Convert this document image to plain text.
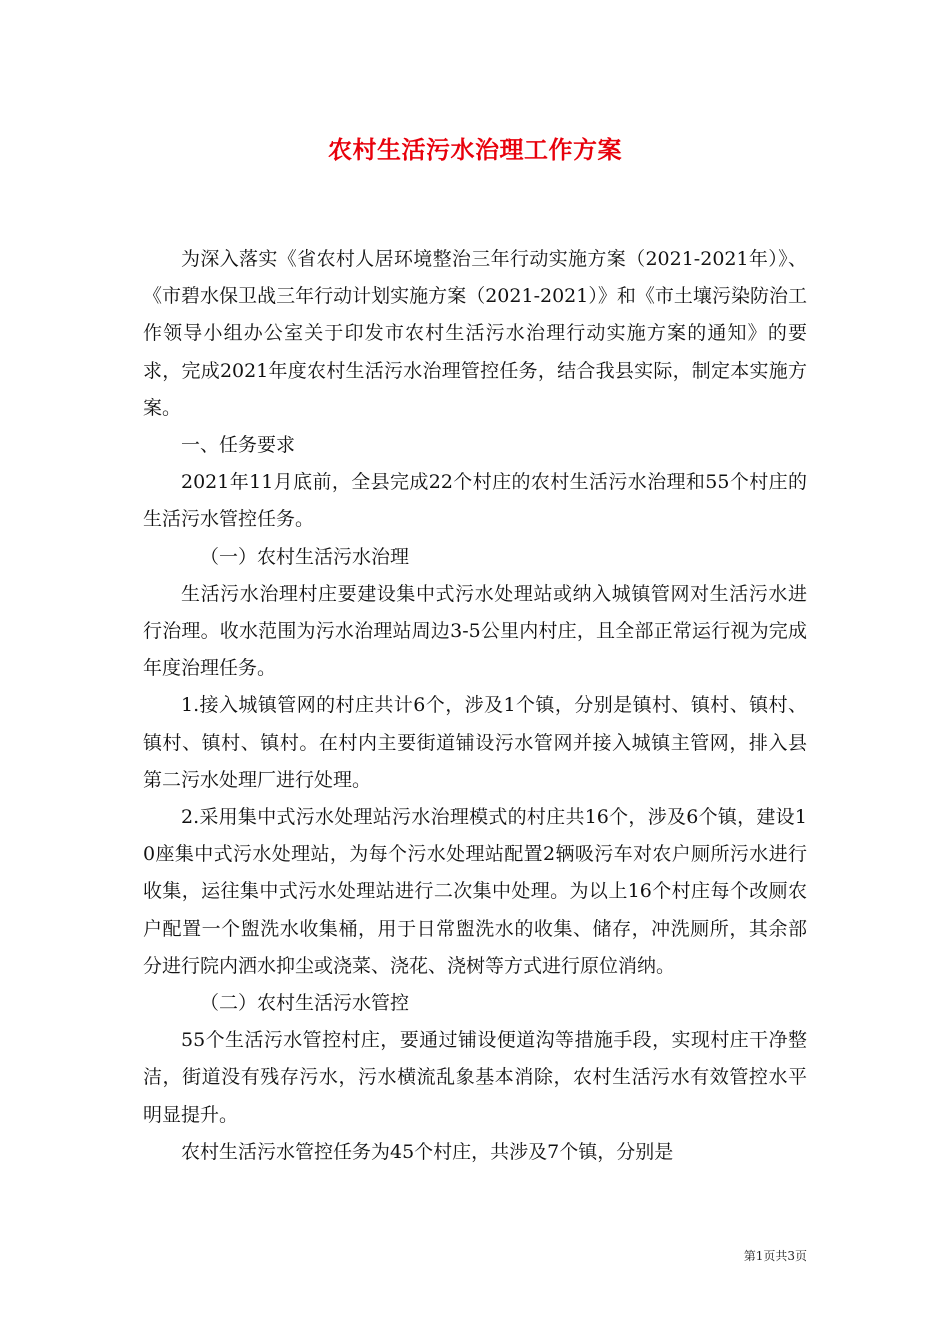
农村生活污水治理工作方案

为深入落实《省农村人居环境整治三年行动实施方案（2021-2021年）》、《市碧水保卫战三年行动计划实施方案（2021-2021）》和《市土壤污染防治工作领导小组办公室关于印发市农村生活污水治理行动实施方案的通知》的要求，完成2021年度农村生活污水治理管控任务，结合我县实际，制定本实施方案。

一、任务要求

2021年11月底前，全县完成22个村庄的农村生活污水治理和55个村庄的生活污水管控任务。

（一）农村生活污水治理

生活污水治理村庄要建设集中式污水处理站或纳入城镇管网对生活污水进行治理。收水范围为污水治理站周边3-5公里内村庄，且全部正常运行视为完成年度治理任务。

1.接入城镇管网的村庄共计6个，涉及1个镇，分别是镇村、镇村、镇村、镇村、镇村、镇村。在村内主要街道铺设污水管网并接入城镇主管网，排入县第二污水处理厂进行处理。

2.采用集中式污水处理站污水治理模式的村庄共16个，涉及6个镇，建设10座集中式污水处理站，为每个污水处理站配置2辆吸污车对农户厕所污水进行收集，运往集中式污水处理站进行二次集中处理。为以上16个村庄每个改厕农户配置一个盥洗水收集桶，用于日常盥洗水的收集、储存，冲洗厕所，其余部分进行院内洒水抑尘或浇菜、浇花、浇树等方式进行原位消纳。

（二）农村生活污水管控

55个生活污水管控村庄，要通过铺设便道沟等措施手段，实现村庄干净整洁，街道没有残存污水，污水横流乱象基本消除，农村生活污水有效管控水平明显提升。

农村生活污水管控任务为45个村庄，共涉及7个镇，分别是

第1页共3页
